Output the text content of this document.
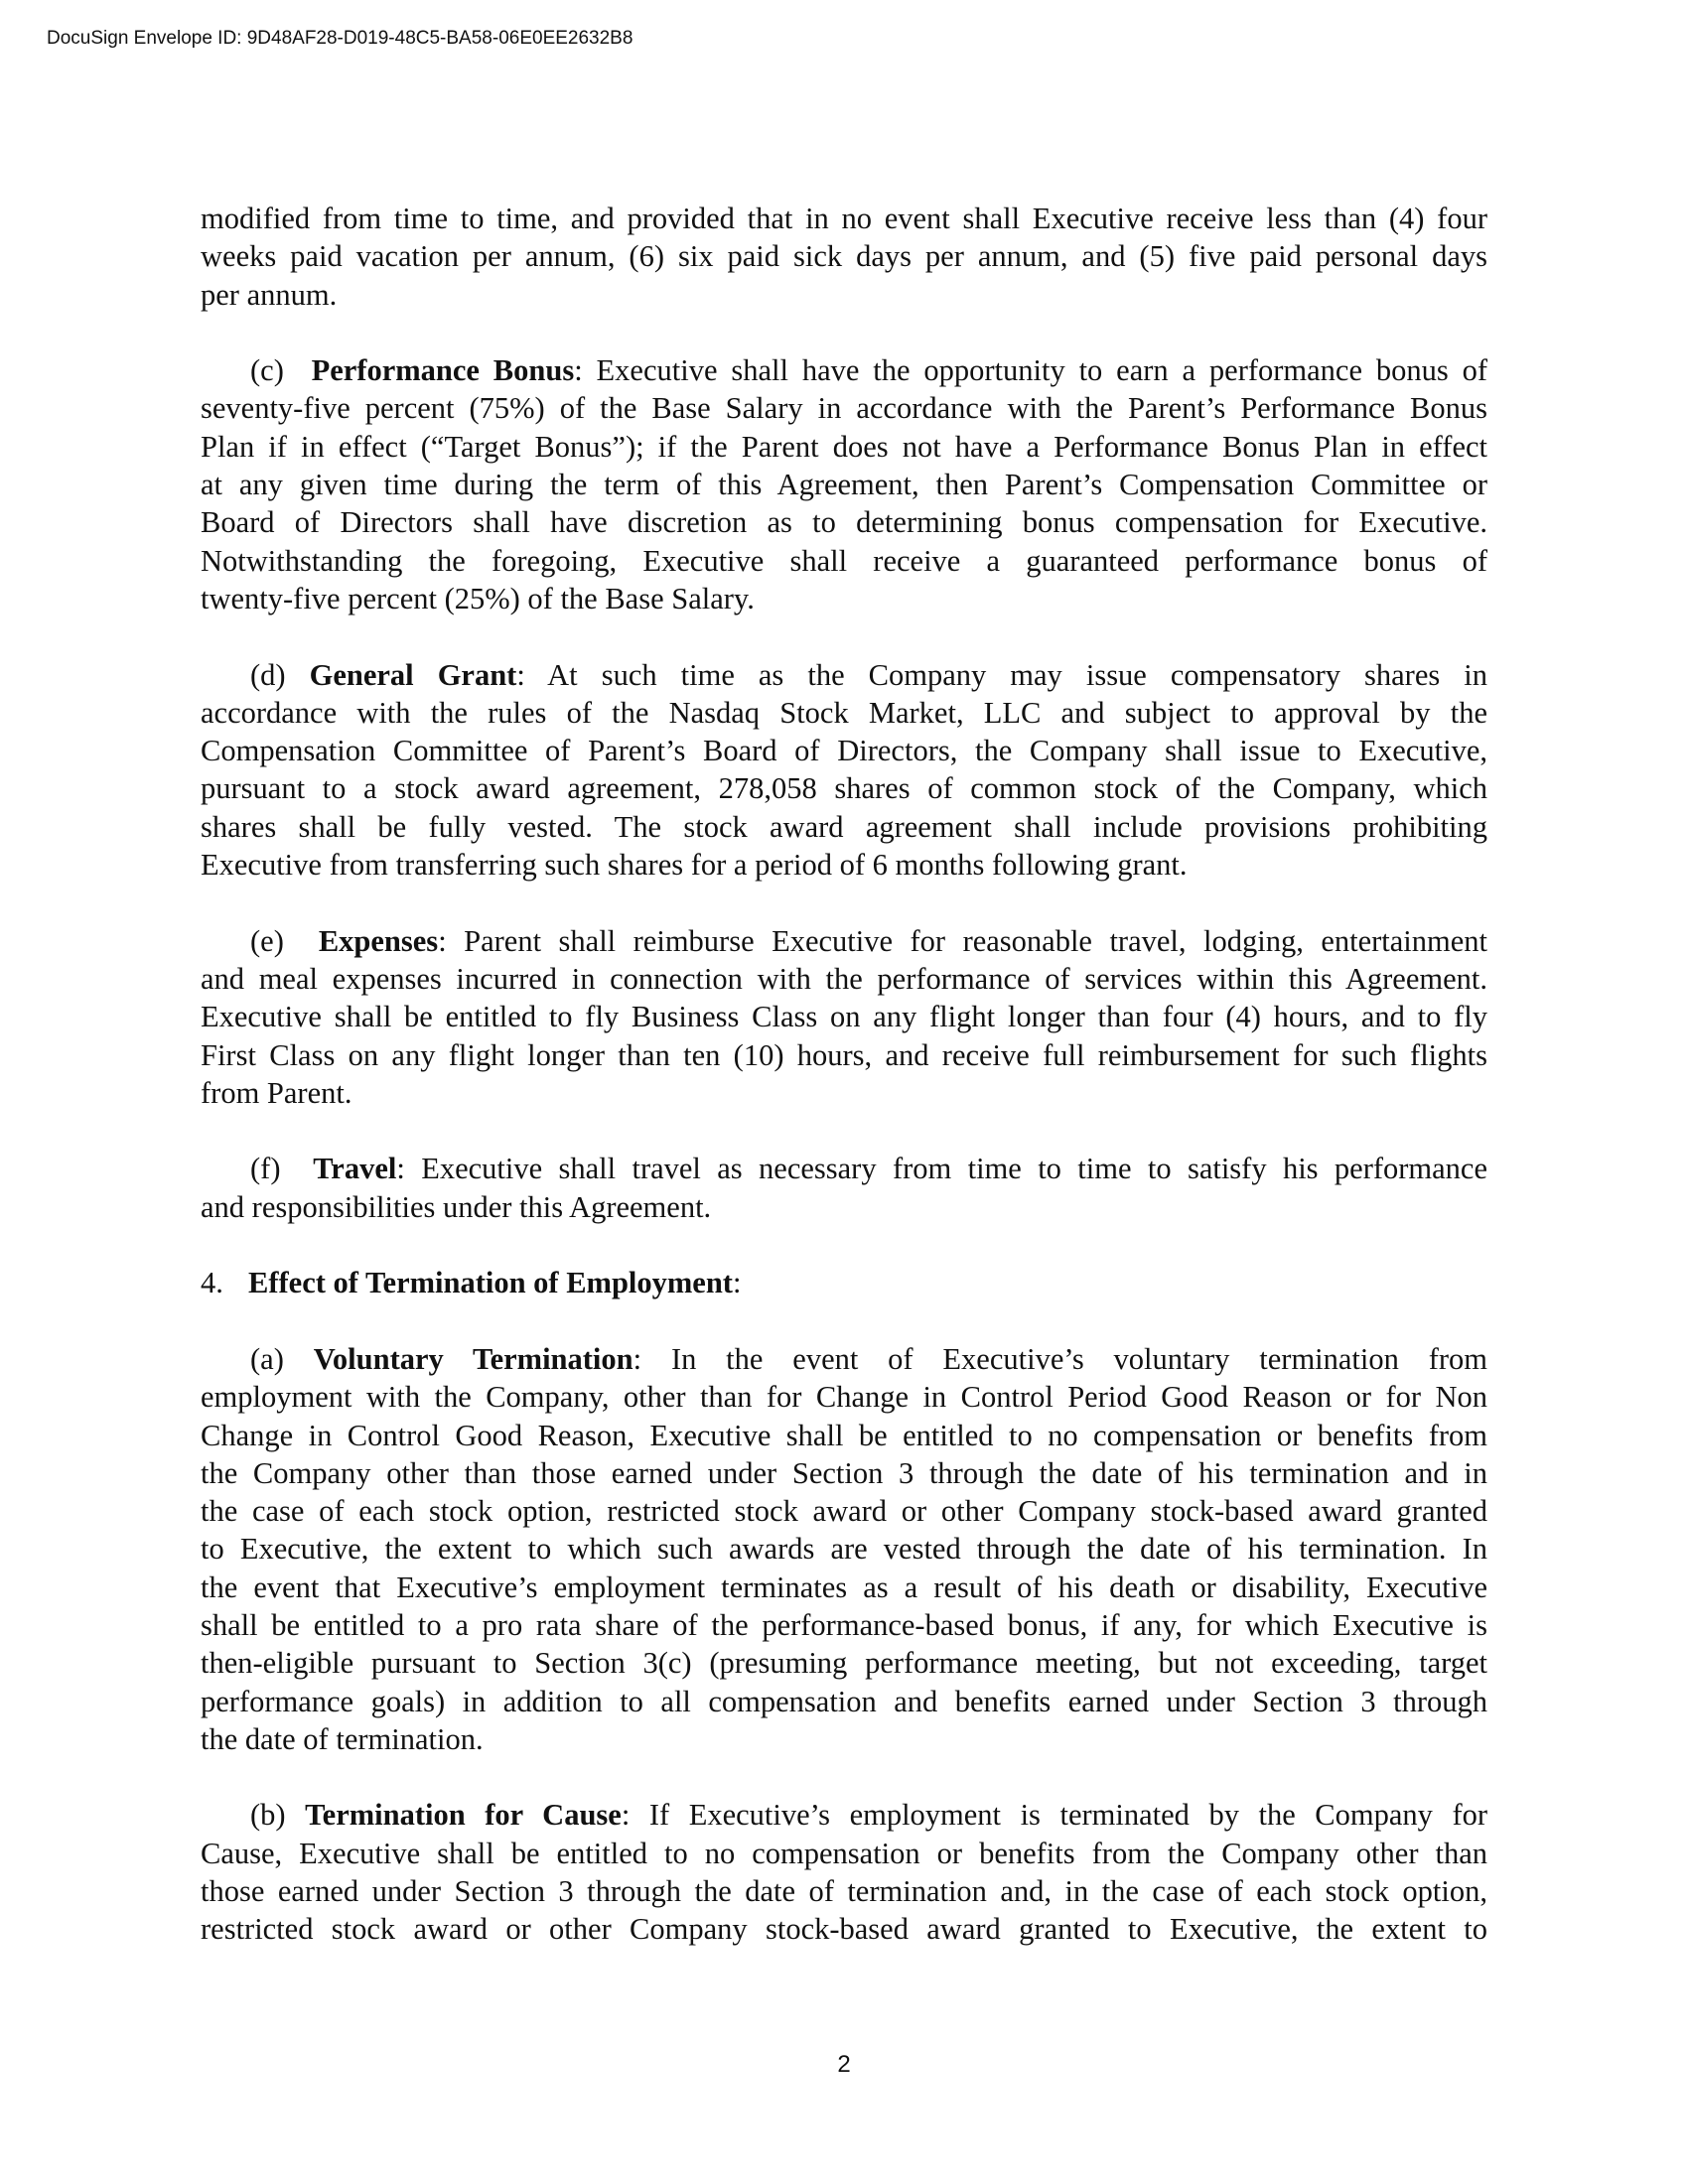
DocuSign Envelope ID: 9D48AF28-D019-48C5-BA58-06E0EE2632B8
modified from time to time, and provided that in no event shall Executive receive less than (4) four
weeks paid vacation per annum, (6) six paid sick days per annum, and (5) five paid personal days
per annum.
(c) Performance Bonus: Executive shall have the opportunity to earn a performance bonus of
seventy-five percent (75%) of the Base Salary in accordance with the Parent’s Performance Bonus
Plan if in effect (“Target Bonus”); if the Parent does not have a Performance Bonus Plan in effect
at any given time during the term of this Agreement, then Parent’s Compensation Committee or
Board of Directors shall have discretion as to determining bonus compensation for Executive.
Notwithstanding the foregoing, Executive shall receive a guaranteed performance bonus of
twenty-five percent (25%) of the Base Salary.
(d) General Grant: At such time as the Company may issue compensatory shares in
accordance with the rules of the Nasdaq Stock Market, LLC and subject to approval by the
Compensation Committee of Parent’s Board of Directors, the Company shall issue to Executive,
pursuant to a stock award agreement, 278,058 shares of common stock of the Company, which
shares shall be fully vested. The stock award agreement shall include provisions prohibiting
Executive from transferring such shares for a period of 6 months following grant.
(e) Expenses: Parent shall reimburse Executive for reasonable travel, lodging, entertainment
and meal expenses incurred in connection with the performance of services within this Agreement.
Executive shall be entitled to fly Business Class on any flight longer than four (4) hours, and to fly
First Class on any flight longer than ten (10) hours, and receive full reimbursement for such flights
from Parent.
(f) Travel: Executive shall travel as necessary from time to time to satisfy his performance
and responsibilities under this Agreement.
4. Effect of Termination of Employment:
(a) Voluntary Termination: In the event of Executive’s voluntary termination from
employment with the Company, other than for Change in Control Period Good Reason or for Non
Change in Control Good Reason, Executive shall be entitled to no compensation or benefits from
the Company other than those earned under Section 3 through the date of his termination and in
the case of each stock option, restricted stock award or other Company stock-based award granted
to Executive, the extent to which such awards are vested through the date of his termination. In
the event that Executive’s employment terminates as a result of his death or disability, Executive
shall be entitled to a pro rata share of the performance-based bonus, if any, for which Executive is
then-eligible pursuant to Section 3(c) (presuming performance meeting, but not exceeding, target
performance goals) in addition to all compensation and benefits earned under Section 3 through
the date of termination.
(b) Termination for Cause: If Executive’s employment is terminated by the Company for
Cause, Executive shall be entitled to no compensation or benefits from the Company other than
those earned under Section 3 through the date of termination and, in the case of each stock option,
restricted stock award or other Company stock-based award granted to Executive, the extent to
2
